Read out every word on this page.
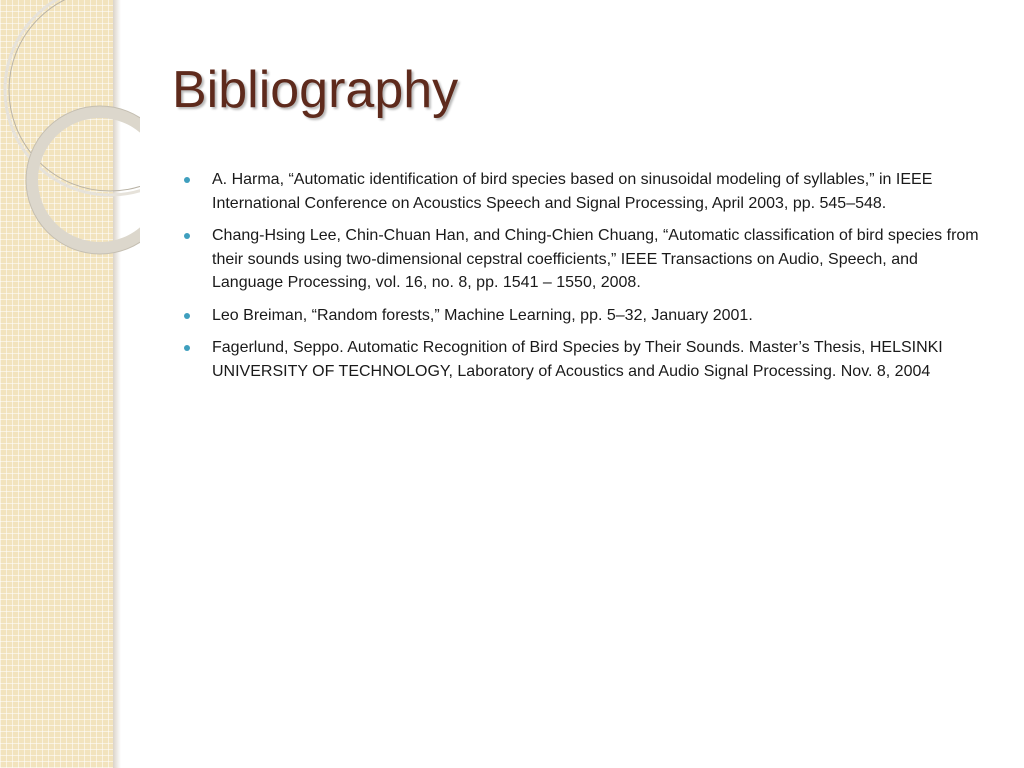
Bibliography
A. Harma, “Automatic identification of bird species based on sinusoidal modeling of syllables,” in IEEE International Conference on Acoustics Speech and Signal Processing, April 2003, pp. 545–548.
Chang-Hsing Lee, Chin-Chuan Han, and Ching-Chien Chuang, “Automatic classification of bird species from their sounds using two-dimensional cepstral coefficients,” IEEE Transactions on Audio, Speech, and Language Processing, vol. 16, no. 8, pp. 1541 – 1550, 2008.
Leo Breiman, “Random forests,” Machine Learning, pp. 5–32, January 2001.
Fagerlund, Seppo. Automatic Recognition of Bird Species by Their Sounds. Master’s Thesis, HELSINKI UNIVERSITY OF TECHNOLOGY, Laboratory of Acoustics and Audio Signal Processing. Nov. 8, 2004
